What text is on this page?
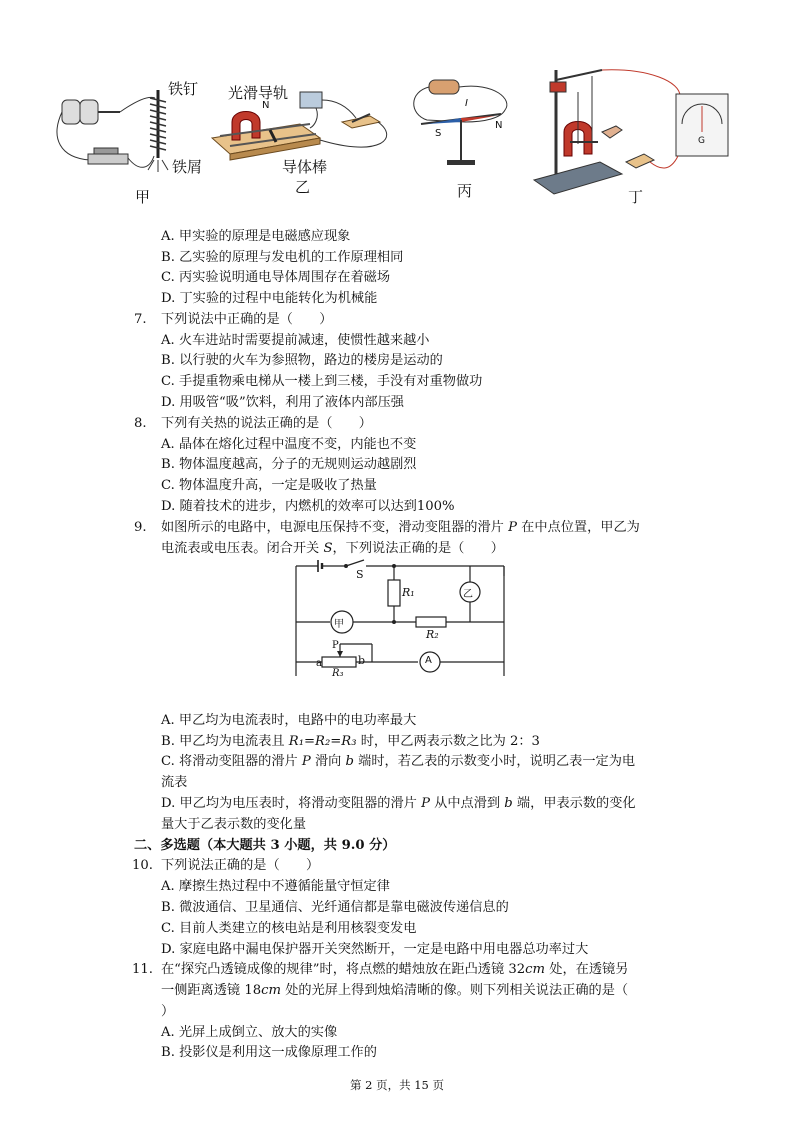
铁钉
铁屑
甲
光滑导轨
N
导体棒
乙
S
N
I
丙
G
丁
A. 甲实验的原理是电磁感应现象
B. 乙实验的原理与发电机的工作原理相同
C. 丙实验说明通电导体周围存在着磁场
D. 丁实验的过程中电能转化为机械能
7. 下列说法中正确的是（　　）
A. 火车进站时需要提前减速，使惯性越来越小
B. 以行驶的火车为参照物，路边的楼房是运动的
C. 手提重物乘电梯从一楼上到三楼，手没有对重物做功
D. 用吸管“吸”饮料，利用了液体内部压强
8. 下列有关热的说法正确的是（　　）
A. 晶体在熔化过程中温度不变，内能也不变
B. 物体温度越高，分子的无规则运动越剧烈
C. 物体温度升高，一定是吸收了热量
D. 随着技术的进步，内燃机的效率可以达到100%
9. 如图所示的电路中，电源电压保持不变，滑动变阻器的滑片 P 在中点位置，甲乙为
电流表或电压表。闭合开关 S，下列说法正确的是（　　）
S
R₁
R₂
R₃
P
a	b
甲
乙
A
A. 甲乙均为电流表时，电路中的电功率最大
B. 甲乙均为电流表且 R₁=R₂=R₃ 时，甲乙两表示数之比为 2：3
C. 将滑动变阻器的滑片 P 滑向 b 端时，若乙表的示数变小时，说明乙表一定为电
流表
D. 甲乙均为电压表时，将滑动变阻器的滑片 P 从中点滑到 b 端，甲表示数的变化
量大于乙表示数的变化量
二、多选题（本大题共 3 小题，共 9.0 分）
10. 下列说法正确的是（　　）
A. 摩擦生热过程中不遵循能量守恒定律
B. 微波通信、卫星通信、光纤通信都是靠电磁波传递信息的
C. 目前人类建立的核电站是利用核裂变发电
D. 家庭电路中漏电保护器开关突然断开，一定是电路中用电器总功率过大
11. 在“探究凸透镜成像的规律”时，将点燃的蜡烛放在距凸透镜 32cm 处，在透镜另
一侧距离透镜 18cm 处的光屏上得到烛焰清晰的像。则下列相关说法正确的是（
）
A. 光屏上成倒立、放大的实像
B. 投影仪是利用这一成像原理工作的
第 2 页，共 15 页
